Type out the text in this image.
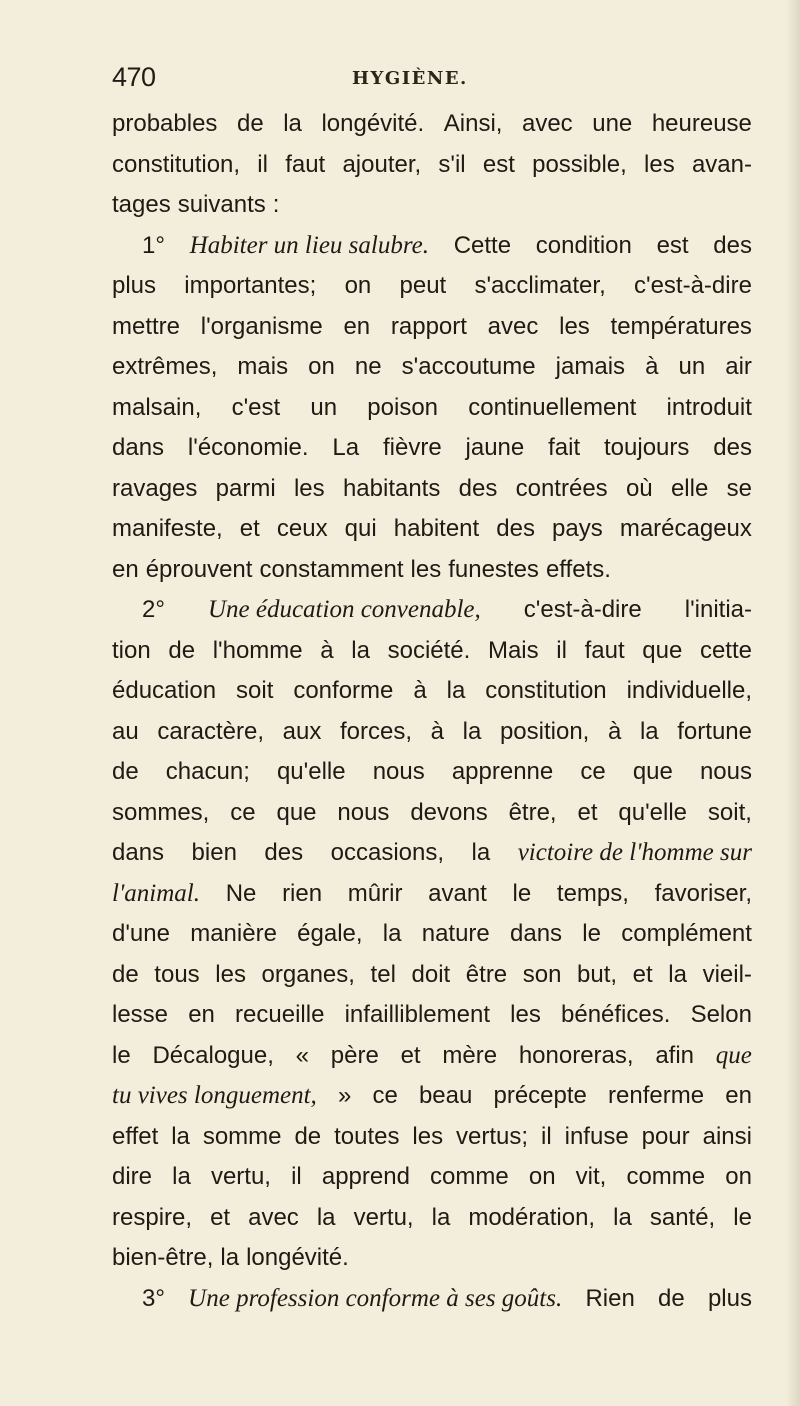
470	HYGIÈNE.
probables de la longévité. Ainsi, avec une heureuse
constitution, il faut ajouter, s'il est possible, les avan-
tages suivants :
1° Habiter un lieu salubre. Cette condition est des
plus importantes; on peut s'acclimater, c'est-à-dire
mettre l'organisme en rapport avec les températures
extrêmes, mais on ne s'accoutume jamais à un air
malsain, c'est un poison continuellement introduit
dans l'économie. La fièvre jaune fait toujours des
ravages parmi les habitants des contrées où elle se
manifeste, et ceux qui habitent des pays marécageux
en éprouvent constamment les funestes effets.
2° Une éducation convenable, c'est-à-dire l'initia-
tion de l'homme à la société. Mais il faut que cette
éducation soit conforme à la constitution individuelle,
au caractère, aux forces, à la position, à la fortune
de chacun; qu'elle nous apprenne ce que nous
sommes, ce que nous devons être, et qu'elle soit,
dans bien des occasions, la victoire de l'homme sur
l'animal. Ne rien mûrir avant le temps, favoriser,
d'une manière égale, la nature dans le complément
de tous les organes, tel doit être son but, et la vieil-
lesse en recueille infailliblement les bénéfices. Selon
le Décalogue, « père et mère honoreras, afin que
tu vives longuement, » ce beau précepte renferme en
effet la somme de toutes les vertus; il infuse pour ainsi
dire la vertu, il apprend comme on vit, comme on
respire, et avec la vertu, la modération, la santé, le
bien-être, la longévité.
3° Une profession conforme à ses goûts. Rien de plus
